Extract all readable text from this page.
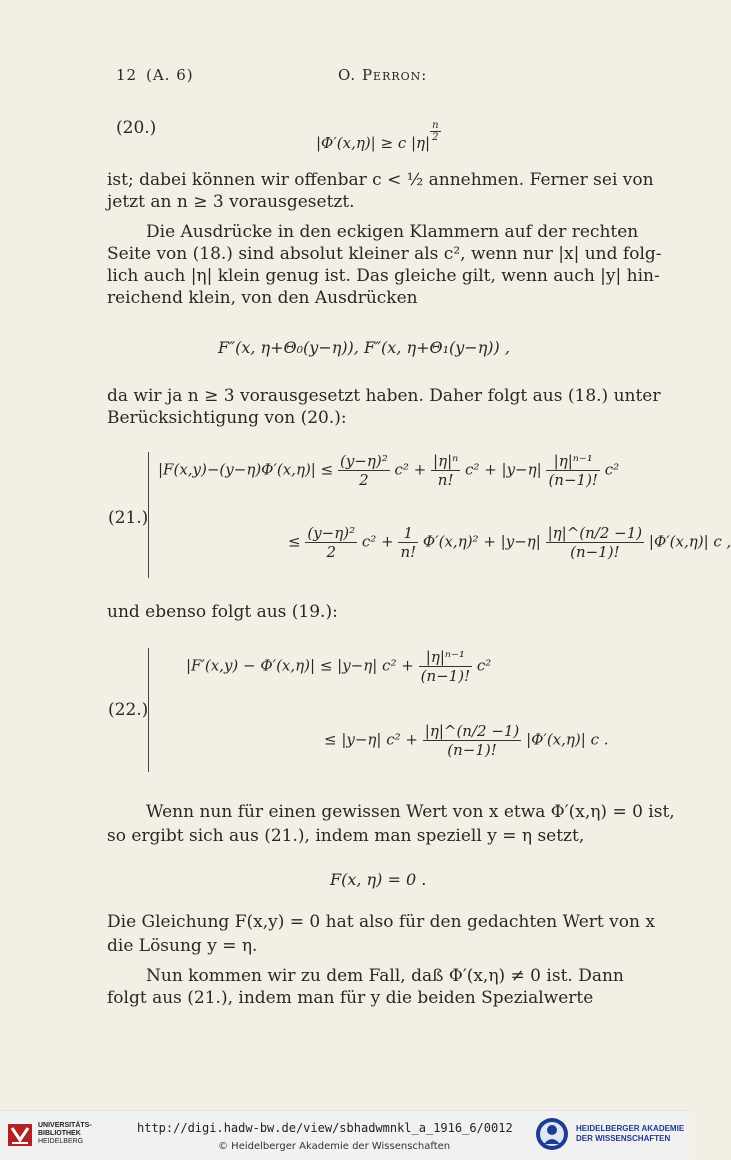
12 (A. 6)	O. Perron:
(20.)
|Φ′(x,η)| ≥ c $|\eta| \frac{n}{2}$
ist; dabei können wir offenbar c < ½ annehmen. Ferner sei von
jetzt an n ≥ 3 vorausgesetzt.
Die Ausdrücke in den eckigen Klammern auf der rechten
Seite von (18.) sind absolut kleiner als c², wenn nur |x| und folg-
lich auch |η| klein genug ist. Das gleiche gilt, wenn auch |y| hin-
reichend klein, von den Ausdrücken
F″(x, η+Θ₀(y−η)), F″(x, η+Θ₁(y−η)) ,
da wir ja n ≥ 3 vorausgesetzt haben. Daher folgt aus (18.) unter
Berücksichtigung von (20.):
(21.)
$|F(x,y)-(y-\eta)\Phi'(x,\eta)| \le \frac{\text{(y−η)²}}{2} c^2 + \frac{\text{|η|ⁿ}}{n!} c^2 + |y-\eta| \frac{\text{|η|ⁿ⁻¹}}{(n-1)!} c^2$
≤ $\frac{\text{(y−η)²}}{2} c^2 + \frac{1}{n!} \Phi'(x,\eta)^2 + |y-\eta| \frac{|\eta|\^{}(n/2 -1)}{(n-1)!} |\Phi'(x,\eta)|$ c ,
und ebenso folgt aus (19.):
(22.)
|F′(x,y) − Φ′(x,η)| ≤ |y−η| $c^2 + \frac{\text{|η|ⁿ⁻¹}}{(n-1)!} c^2$
≤ |y−η| $c^2 + \frac{|\eta|\^{}(n/2 -1)}{(n-1)!} |\Phi'(x,\eta)|$ c .
Wenn nun für einen gewissen Wert von x etwa Φ′(x,η) = 0 ist,
so ergibt sich aus (21.), indem man speziell y = η setzt,
F(x, η) = 0 .
Die Gleichung F(x,y) = 0 hat also für den gedachten Wert von x
die Lösung y = η.
Nun kommen wir zu dem Fall, daß Φ′(x,η) ≠ 0 ist. Dann
folgt aus (21.), indem man für y die beiden Spezialwerte
UNIVERSITÄTS-
BIBLIOTHEK
HEIDELBERG
http://digi.hadw-bw.de/view/sbhadwmnkl_a_1916_6/0012
© Heidelberger Akademie der Wissenschaften
HEIDELBERGER AKADEMIE
DER WISSENSCHAFTEN
